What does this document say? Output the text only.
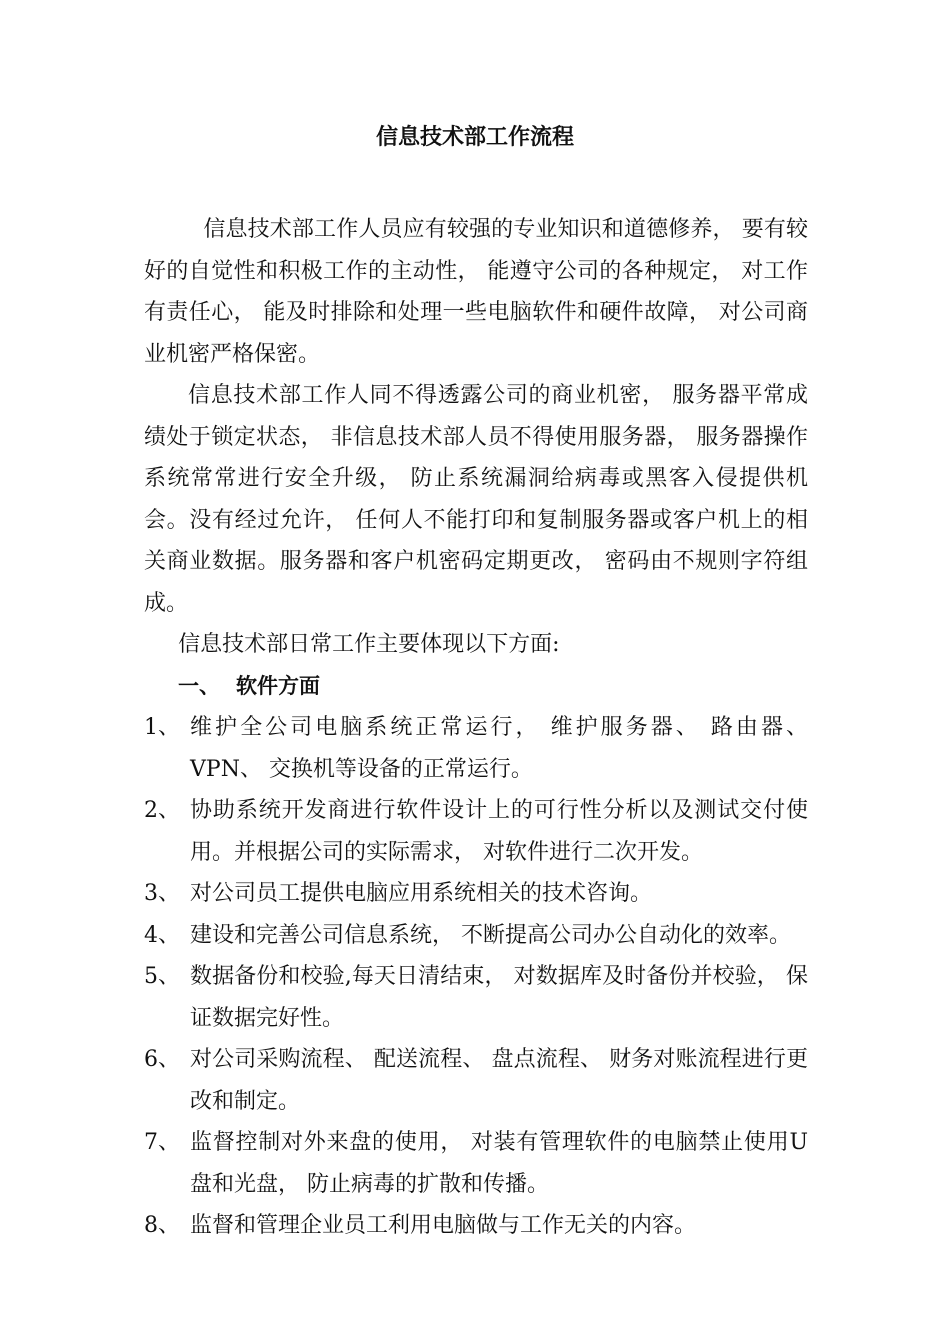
信息技术部工作流程

信息技术部工作人员应有较强的专业知识和道德修养， 要有较好的自觉性和积极工作的主动性， 能遵守公司的各种规定， 对工作有责任心， 能及时排除和处理一些电脑软件和硬件故障， 对公司商业机密严格保密。

信息技术部工作人同不得透露公司的商业机密， 服务器平常成绩处于锁定状态， 非信息技术部人员不得使用服务器， 服务器操作系统常常进行安全升级， 防止系统漏洞给病毒或黑客入侵提供机会。没有经过允许， 任何人不能打印和复制服务器或客户机上的相关商业数据。服务器和客户机密码定期更改， 密码由不规则字符组成。

信息技术部日常工作主要体现以下方面:

一、 软件方面

1、 维护全公司电脑系统正常运行， 维护服务器、 路由器、 VPN、 交换机等设备的正常运行。
2、 协助系统开发商进行软件设计上的可行性分析以及测试交付使用。并根据公司的实际需求， 对软件进行二次开发。
3、 对公司员工提供电脑应用系统相关的技术咨询。
4、 建设和完善公司信息系统， 不断提高公司办公自动化的效率。
5、 数据备份和校验,每天日清结束， 对数据库及时备份并校验， 保证数据完好性。
6、 对公司采购流程、 配送流程、 盘点流程、 财务对账流程进行更改和制定。
7、 监督控制对外来盘的使用， 对装有管理软件的电脑禁止使用U盘和光盘， 防止病毒的扩散和传播。
8、 监督和管理企业员工利用电脑做与工作无关的内容。
